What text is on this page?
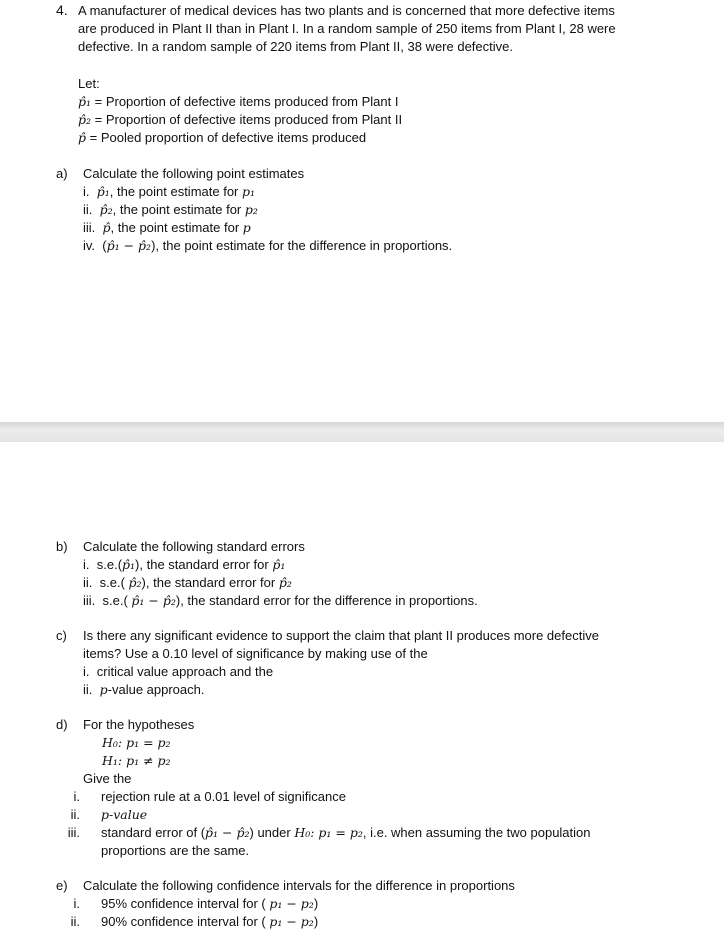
4. A manufacturer of medical devices has two plants and is concerned that more defective items
are produced in Plant II than in Plant I. In a random sample of 250 items from Plant I, 28 were
defective. In a random sample of 220 items from Plant II, 38 were defective.
Let:
p̂₁ = Proportion of defective items produced from Plant I
p̂₂ = Proportion of defective items produced from Plant II
p̂ = Pooled proportion of defective items produced
a) Calculate the following point estimates
i. p̂₁, the point estimate for p₁
ii. p̂₂, the point estimate for p₂
iii. p̂, the point estimate for p
iv. (p̂₁ − p̂₂), the point estimate for the difference in proportions.
b) Calculate the following standard errors
i. s.e.(p̂₁), the standard error for p̂₁
ii. s.e.( p̂₂), the standard error for p̂₂
iii. s.e.( p̂₁ − p̂₂), the standard error for the difference in proportions.
c) Is there any significant evidence to support the claim that plant II produces more defective
items? Use a 0.10 level of significance by making use of the
i. critical value approach and the
ii. p-value approach.
d) For the hypotheses
H₀: p₁ = p₂
H₁: p₁ ≠ p₂
Give the
i. rejection rule at a 0.01 level of significance
ii. p-value
iii. standard error of (p̂₁ − p̂₂) under H₀: p₁ = p₂, i.e. when assuming the two population
proportions are the same.
e) Calculate the following confidence intervals for the difference in proportions
i. 95% confidence interval for ( p₁ − p₂)
ii. 90% confidence interval for ( p₁ − p₂)
